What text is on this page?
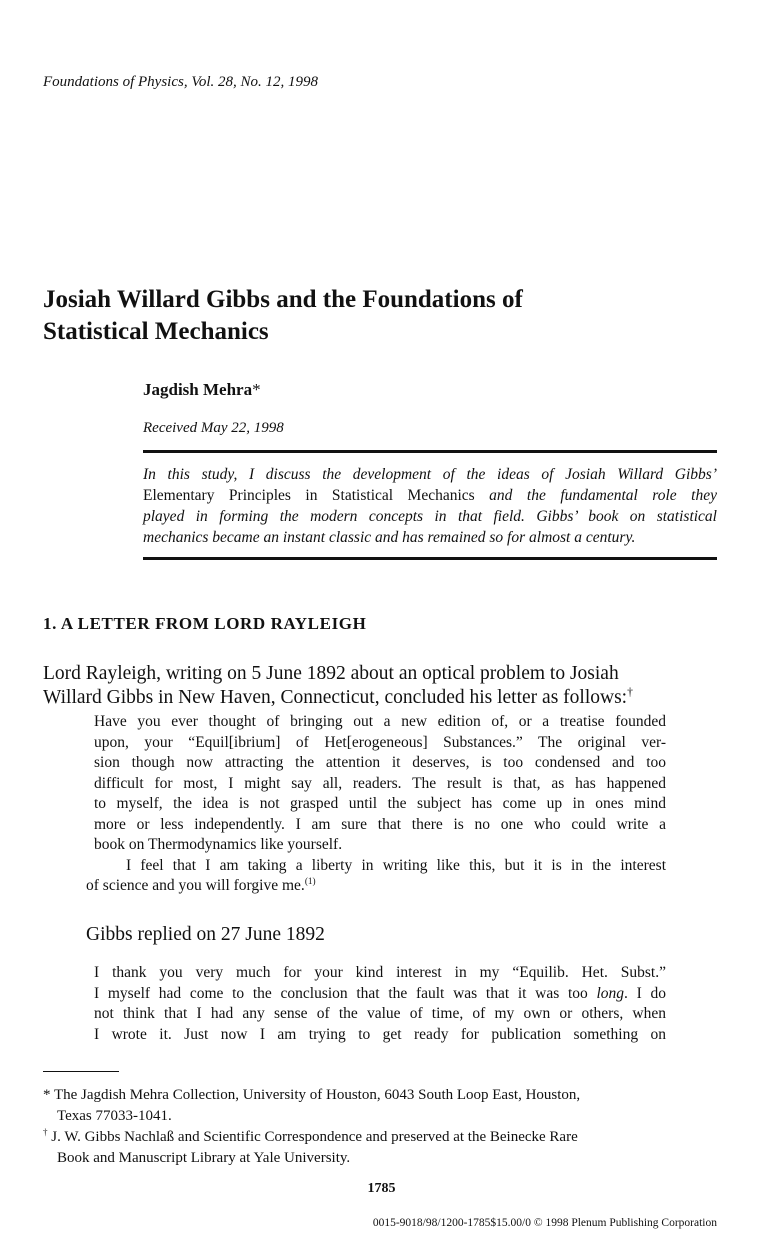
Foundations of Physics, Vol. 28, No. 12, 1998
Josiah Willard Gibbs and the Foundations of
Statistical Mechanics
Jagdish Mehra*
Received May 22, 1998

In this study, I discuss the development of the ideas of Josiah Willard Gibbs’

Elementary Principles in Statistical Mechanics and the fundamental role they

played in forming the modern concepts in that field. Gibbs’ book on statistical

mechanics became an instant classic and has remained so for almost a century.

1. A LETTER FROM LORD RAYLEIGH

Lord Rayleigh, writing on 5 June 1892 about an optical problem to Josiah

Willard Gibbs in New Haven, Connecticut, concluded his letter as follows:†

Have you ever thought of bringing out a new edition of, or a treatise founded

upon, your “Equil[ibrium] of Het[erogeneous] Substances.” The original ver-

sion though now attracting the attention it deserves, is too condensed and too

difficult for most, I might say all, readers. The result is that, as has happened

to myself, the idea is not grasped until the subject has come up in ones mind

more or less independently. I am sure that there is no one who could write a

book on Thermodynamics like yourself.

I feel that I am taking a liberty in writing like this, but it is in the interest

of science and you will forgive me.$^{(1)}$

Gibbs replied on 27 June 1892

I thank you very much for your kind interest in my “Equilib. Het. Subst.”

I myself had come to the conclusion that the fault was that it was too long. I do

not think that I had any sense of the value of time, of my own or others, when

I wrote it. Just now I am trying to get ready for publication something on

* The Jagdish Mehra Collection, University of Houston, 6043 South Loop East, Houston,

Texas 77033-1041.

† J. W. Gibbs Nachlaß and Scientific Correspondence and preserved at the Beinecke Rare

Book and Manuscript Library at Yale University.

1785
0015-9018/98/1200-1785$15.00/0 © 1998 Plenum Publishing Corporation
